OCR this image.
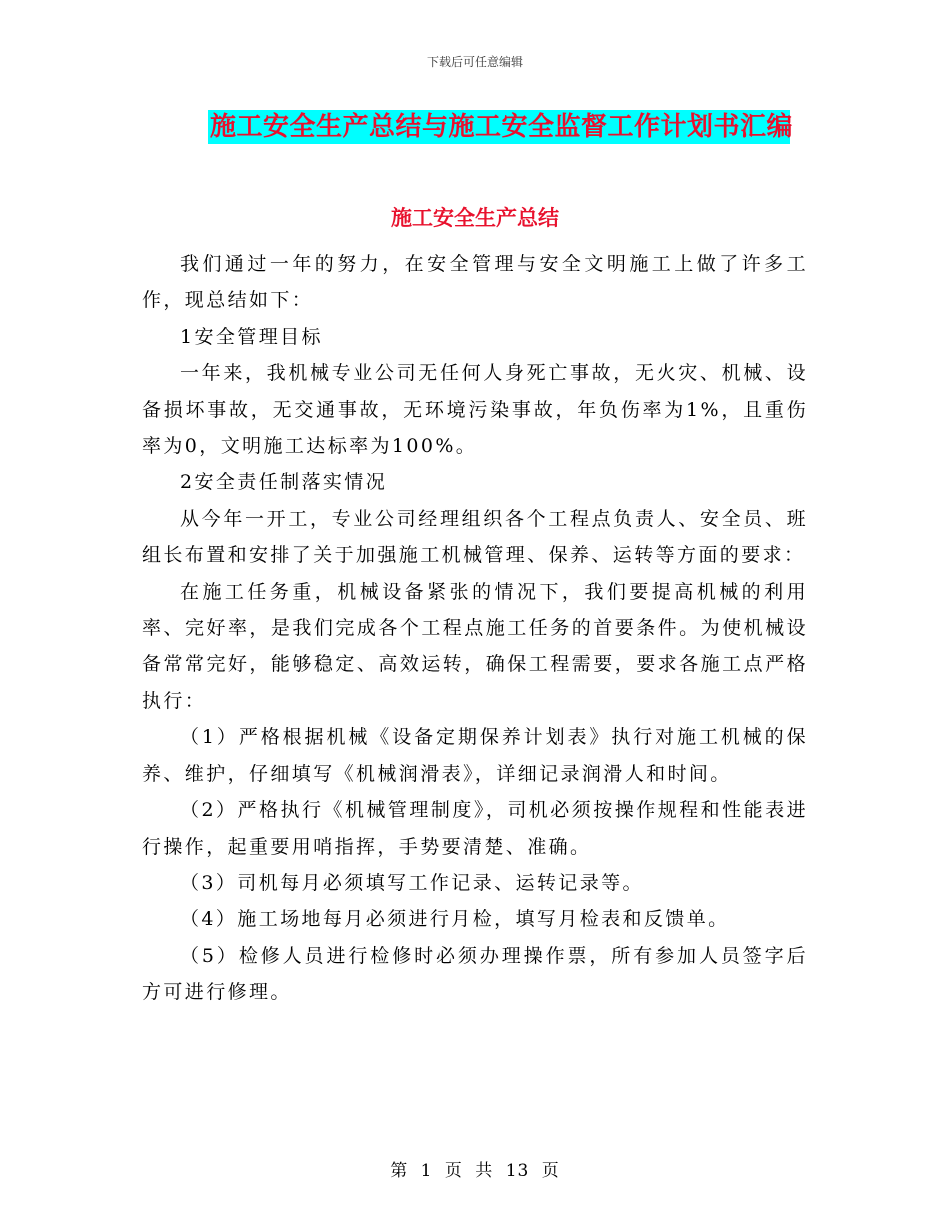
下载后可任意编辑
施工安全生产总结与施工安全监督工作计划书汇编
施工安全生产总结

我们通过一年的努力，在安全管理与安全文明施工上做了许多工作，现总结如下：

1安全管理目标

一年来，我机械专业公司无任何人身死亡事故，无火灾、机械、设备损坏事故，无交通事故，无环境污染事故，年负伤率为1%，且重伤率为0，文明施工达标率为100%。

2安全责任制落实情况

从今年一开工，专业公司经理组织各个工程点负责人、安全员、班组长布置和安排了关于加强施工机械管理、保养、运转等方面的要求：

在施工任务重，机械设备紧张的情况下，我们要提高机械的利用率、完好率，是我们完成各个工程点施工任务的首要条件。为使机械设备常常完好，能够稳定、高效运转，确保工程需要，要求各施工点严格执行：

（1）严格根据机械《设备定期保养计划表》执行对施工机械的保养、维护，仔细填写《机械润滑表》，详细记录润滑人和时间。

（2）严格执行《机械管理制度》，司机必须按操作规程和性能表进行操作，起重要用哨指挥，手势要清楚、准确。

（3）司机每月必须填写工作记录、运转记录等。

（4）施工场地每月必须进行月检，填写月检表和反馈单。

（5）检修人员进行检修时必须办理操作票，所有参加人员签字后方可进行修理。

第 1 页 共 13 页
